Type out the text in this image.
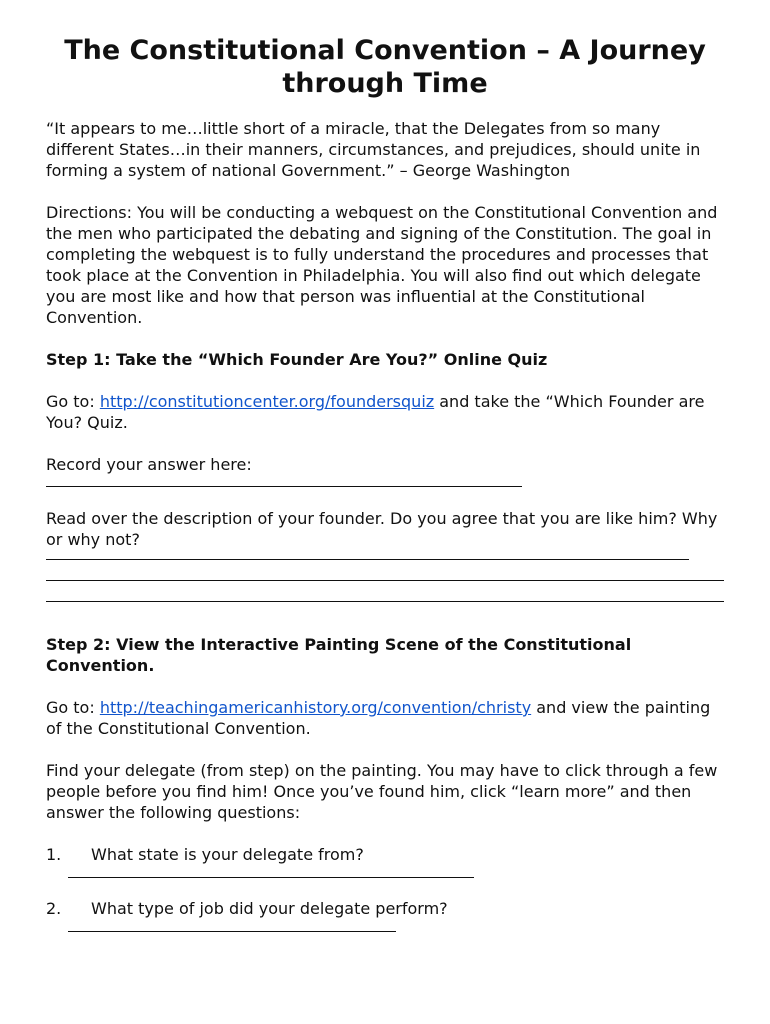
The Constitutional Convention – A Journey through Time

“It appears to me…little short of a miracle, that the Delegates from so many different States…in their manners, circumstances, and prejudices, should unite in forming a system of national Government.” – George Washington

Directions: You will be conducting a webquest on the Constitutional Convention and the men who participated the debating and signing of the Constitution. The goal in completing the webquest is to fully understand the procedures and processes that took place at the Convention in Philadelphia. You will also find out which delegate you are most like and how that person was influential at the Constitutional Convention.

Step 1: Take the “Which Founder Are You?” Online Quiz

Go to: http://constitutioncenter.org/foundersquiz and take the “Which Founder are You? Quiz.

Record your answer here:

Read over the description of your founder. Do you agree that you are like him? Why or why not?

Step 2: View the Interactive Painting Scene of the Constitutional Convention.

Go to: http://teachingamericanhistory.org/convention/christy and view the painting of the Constitutional Convention.

Find your delegate (from step) on the painting. You may have to click through a few people before you find him! Once you’ve found him, click “learn more” and then answer the following questions:

1. What state is your delegate from?
2. What type of job did your delegate perform?
